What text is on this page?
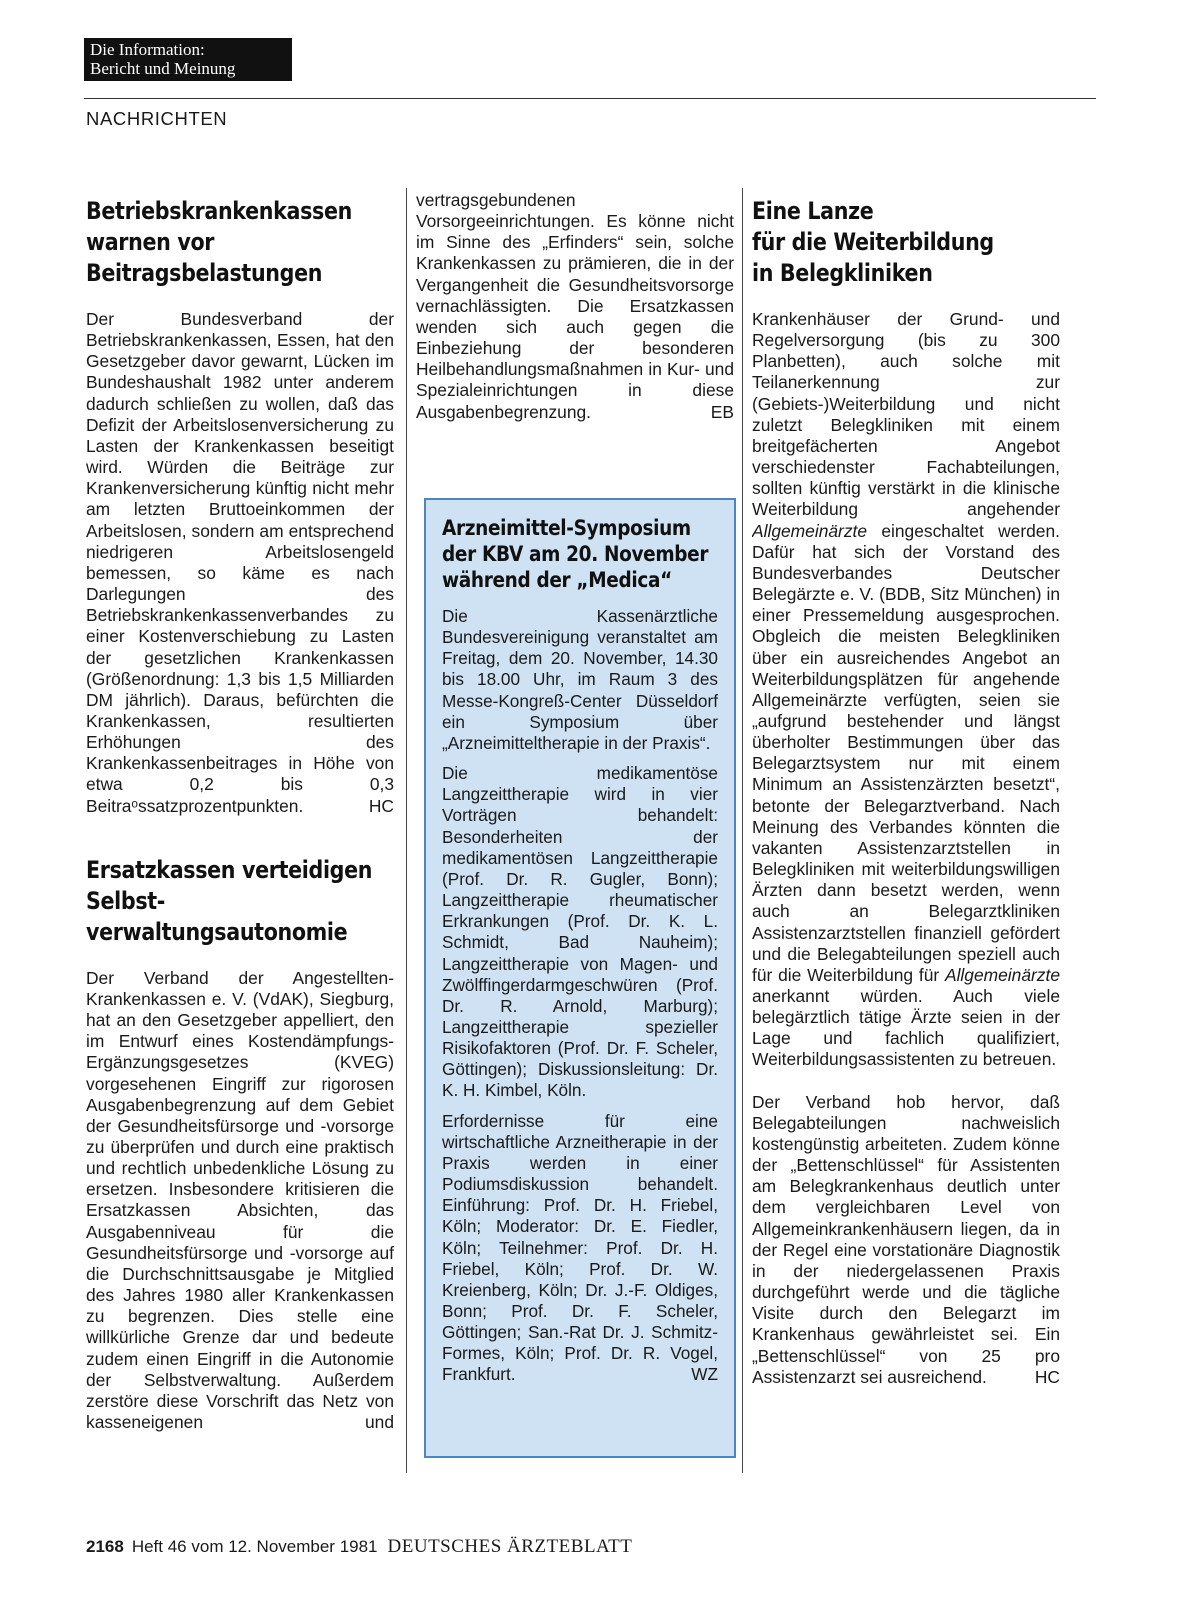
Die Information:
Bericht und Meinung
NACHRICHTEN
Betriebskrankenkassen
warnen vor
Beitragsbelastungen

Der Bundesverband der Betriebskrankenkassen, Essen, hat den Gesetzgeber davor gewarnt, Lücken im Bundeshaushalt 1982 unter anderem dadurch schließen zu wollen, daß das Defizit der Arbeitslosenversicherung zu Lasten der Krankenkassen beseitigt wird. Würden die Beiträge zur Krankenversicherung künftig nicht mehr am letzten Bruttoeinkommen der Arbeitslosen, sondern am entsprechend niedrigeren Arbeitslosengeld bemessen, so käme es nach Darlegungen des Betriebskrankenkassenverbandes zu einer Kostenverschiebung zu Lasten der gesetzlichen Krankenkassen (Größenordnung: 1,3 bis 1,5 Milliarden DM jährlich). Daraus, befürchten die Krankenkassen, resultierten Erhöhungen des Krankenkassenbeitrages in Höhe von etwa 0,2 bis 0,3 Beitraᵒssatzprozentpunkten.	HC

Ersatzkassen verteidigen
Selbst-
verwaltungsautonomie

Der Verband der Angestellten-Krankenkassen e. V. (VdAK), Siegburg, hat an den Gesetzgeber appelliert, den im Entwurf eines Kostendämpfungs-Ergänzungsgesetzes (KVEG) vorgesehenen Eingriff zur rigorosen Ausgabenbegrenzung auf dem Gebiet der Gesundheitsfürsorge und -vorsorge zu überprüfen und durch eine praktisch und rechtlich unbedenkliche Lösung zu ersetzen. Insbesondere kritisieren die Ersatzkassen Absichten, das Ausgabenniveau für die Gesundheitsfürsorge und -vorsorge auf die Durchschnittsausgabe je Mitglied des Jahres 1980 aller Krankenkassen zu begrenzen. Dies stelle eine willkürliche Grenze dar und bedeute zudem einen Eingriff in die Autonomie der Selbstverwaltung. Außerdem zerstöre diese Vorschrift das Netz von kasseneigenen und

vertragsgebundenen Vorsorgeeinrichtungen. Es könne nicht im Sinne des „Erfinders“ sein, solche Krankenkassen zu prämieren, die in der Vergangenheit die Gesundheitsvorsorge vernachlässigten. Die Ersatzkassen wenden sich auch gegen die Einbeziehung der besonderen Heilbehandlungsmaßnahmen in Kur- und Spezialeinrichtungen in diese Ausgabenbegrenzung.	EB

Arzneimittel-Symposium
der KBV am 20. November
während der „Medica“

Die Kassenärztliche Bundesvereinigung veranstaltet am Freitag, dem 20. November, 14.30 bis 18.00 Uhr, im Raum 3 des Messe-Kongreß-Center Düsseldorf ein Symposium über „Arzneimitteltherapie in der Praxis“.

Die medikamentöse Langzeittherapie wird in vier Vorträgen behandelt: Besonderheiten der medikamentösen Langzeittherapie (Prof. Dr. R. Gugler, Bonn); Langzeittherapie rheumatischer Erkrankungen (Prof. Dr. K. L. Schmidt, Bad Nauheim); Langzeittherapie von Magen- und Zwölffingerdarmgeschwüren (Prof. Dr. R. Arnold, Marburg); Langzeittherapie spezieller Risikofaktoren (Prof. Dr. F. Scheler, Göttingen); Diskussionsleitung: Dr. K. H. Kimbel, Köln.

Erfordernisse für eine wirtschaftliche Arzneitherapie in der Praxis werden in einer Podiumsdiskussion behandelt. Einführung: Prof. Dr. H. Friebel, Köln; Moderator: Dr. E. Fiedler, Köln; Teilnehmer: Prof. Dr. H. Friebel, Köln; Prof. Dr. W. Kreienberg, Köln; Dr. J.-F. Oldiges, Bonn; Prof. Dr. F. Scheler, Göttingen; San.-Rat Dr. J. Schmitz-Formes, Köln; Prof. Dr. R. Vogel, Frankfurt.	WZ

Eine Lanze
für die Weiterbildung
in Belegkliniken

Krankenhäuser der Grund- und Regelversorgung (bis zu 300 Planbetten), auch solche mit Teilanerkennung zur (Gebiets-)Weiterbildung und nicht zuletzt Belegkliniken mit einem breitgefächerten Angebot verschiedenster Fachabteilungen, sollten künftig verstärkt in die klinische Weiterbildung angehender Allgemeinärzte eingeschaltet werden. Dafür hat sich der Vorstand des Bundesverbandes Deutscher Belegärzte e. V. (BDB, Sitz München) in einer Pressemeldung ausgesprochen. Obgleich die meisten Belegkliniken über ein ausreichendes Angebot an Weiterbildungsplätzen für angehende Allgemeinärzte verfügten, seien sie „aufgrund bestehender und längst überholter Bestimmungen über das Belegarztsystem nur mit einem Minimum an Assistenzärzten besetzt“, betonte der Belegarztverband. Nach Meinung des Verbandes könnten die vakanten Assistenzarztstellen in Belegkliniken mit weiterbildungswilligen Ärzten dann besetzt werden, wenn auch an Belegarztkliniken Assistenzarztstellen finanziell gefördert und die Belegabteilungen speziell auch für die Weiterbildung für Allgemeinärzte anerkannt würden. Auch viele belegärztlich tätige Ärzte seien in der Lage und fachlich qualifiziert, Weiterbildungsassistenten zu betreuen.

Der Verband hob hervor, daß Belegabteilungen nachweislich kostengünstig arbeiteten. Zudem könne der „Bettenschlüssel“ für Assistenten am Belegkrankenhaus deutlich unter dem vergleichbaren Level von Allgemeinkrankenhäusern liegen, da in der Regel eine vorstationäre Diagnostik in der niedergelassenen Praxis durchgeführt werde und die tägliche Visite durch den Belegarzt im Krankenhaus gewährleistet sei. Ein „Bettenschlüssel“ von 25 pro Assistenzarzt sei ausreichend.	HC

2168 Heft 46 vom 12. November 1981 DEUTSCHES ÄRZTEBLATT
